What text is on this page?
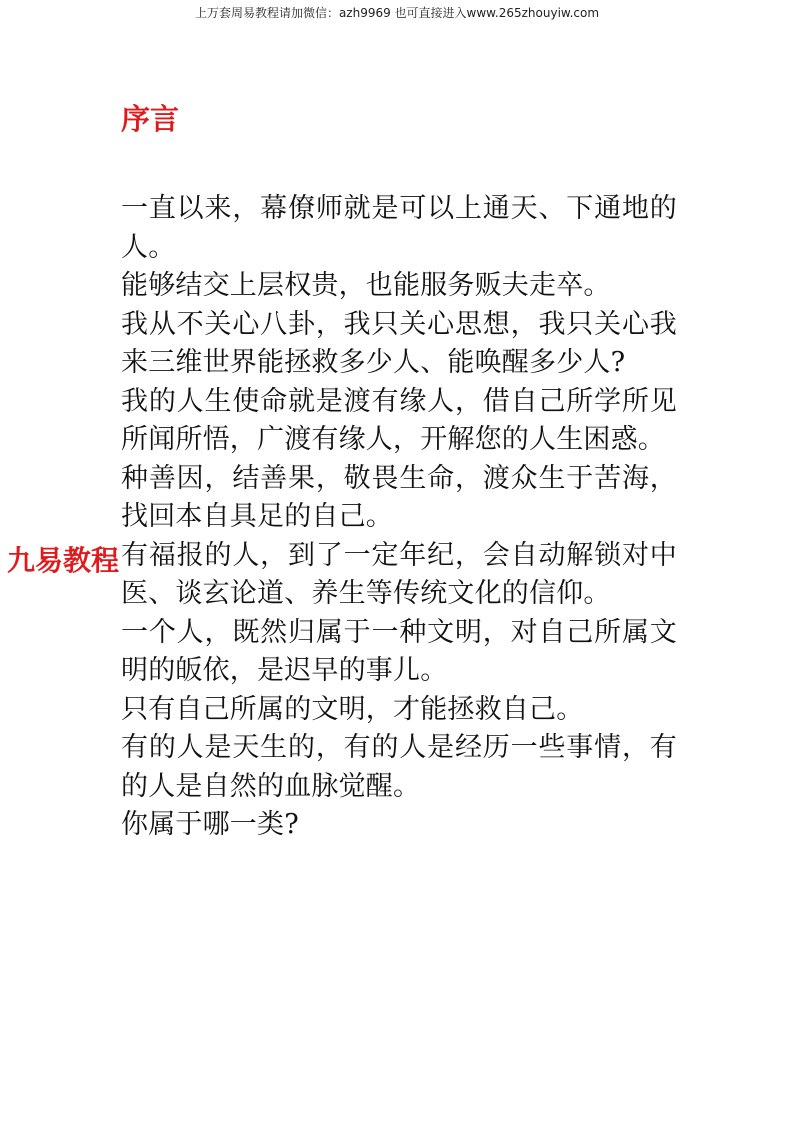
上万套周易教程请加微信：azh9969 也可直接进入www.265zhouyiw.com
序言

一直以来，幕僚师就是可以上通天、下通地的人。

能够结交上层权贵，也能服务贩夫走卒。

我从不关心八卦，我只关心思想，我只关心我来三维世界能拯救多少人、能唤醒多少人?

我的人生使命就是渡有缘人，借自己所学所见所闻所悟，广渡有缘人，开解您的人生困惑。

种善因，结善果，敬畏生命，渡众生于苦海，找回本自具足的自己。

有福报的人，到了一定年纪，会自动解锁对中医、谈玄论道、养生等传统文化的信仰。

一个人，既然归属于一种文明，对自己所属文明的皈依，是迟早的事儿。

只有自己所属的文明，才能拯救自己。

有的人是天生的，有的人是经历一些事情，有的人是自然的血脉觉醒。

你属于哪一类?

九易教程
